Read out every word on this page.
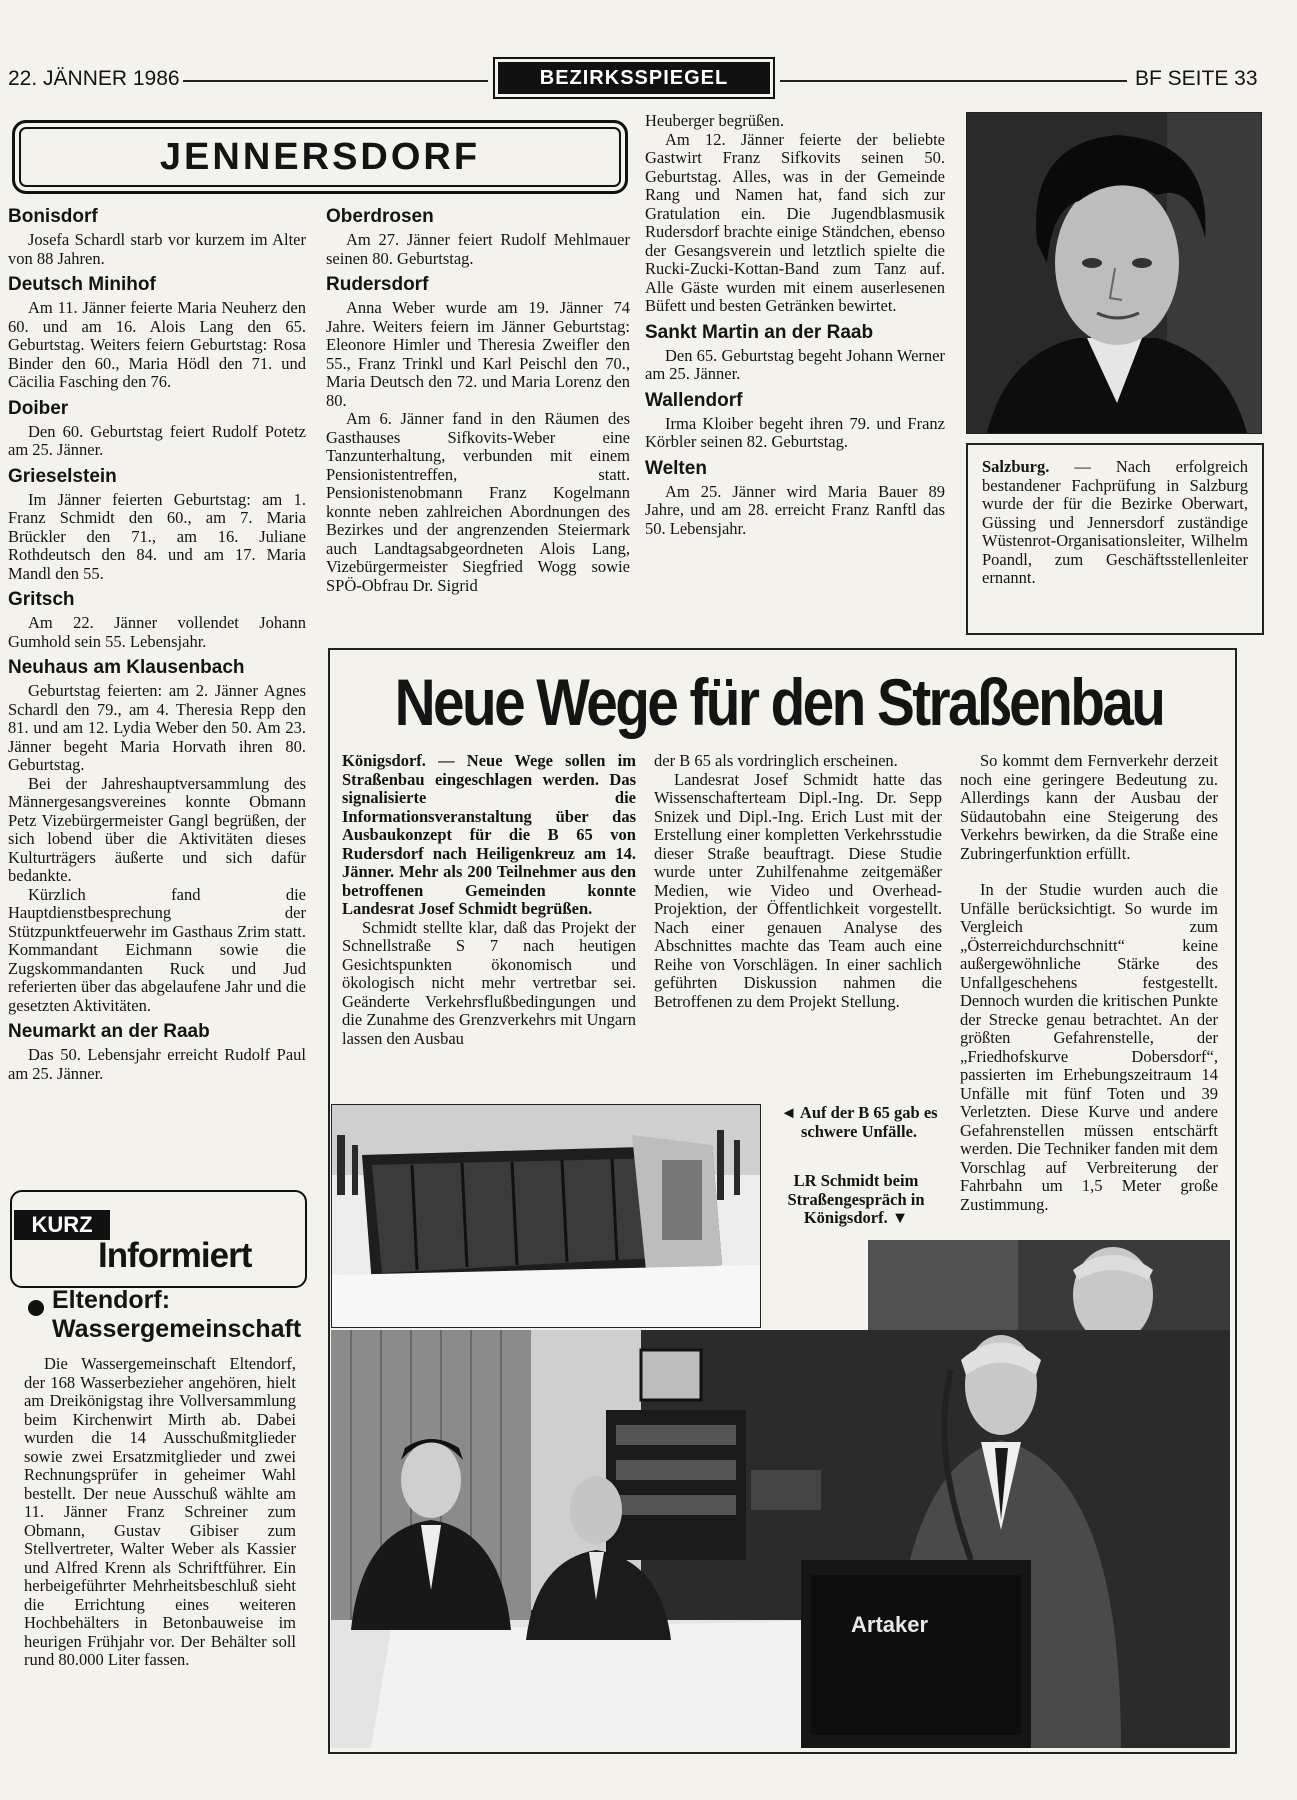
22. JÄNNER 1986	BEZIRKSSPIEGEL	BF SEITE 33
JENNERSDORF
Bonisdorf

Josefa Schardl starb vor kurzem im Alter von 88 Jahren.

Deutsch Minihof

Am 11. Jänner feierte Maria Neuherz den 60. und am 16. Alois Lang den 65. Geburtstag. Weiters feiern Geburtstag: Rosa Binder den 60., Maria Hödl den 71. und Cäcilia Fasching den 76.

Doiber

Den 60. Geburtstag feiert Rudolf Potetz am 25. Jänner.

Grieselstein

Im Jänner feierten Geburtstag: am 1. Franz Schmidt den 60., am 7. Maria Brückler den 71., am 16. Juliane Rothdeutsch den 84. und am 17. Maria Mandl den 55.

Gritsch

Am 22. Jänner vollendet Johann Gumhold sein 55. Lebensjahr.

Neuhaus am Klausenbach

Geburtstag feierten: am 2. Jänner Agnes Schardl den 79., am 4. Theresia Repp den 81. und am 12. Lydia Weber den 50. Am 23. Jänner begeht Maria Horvath ihren 80. Geburtstag.

Bei der Jahreshauptversammlung des Männergesangsvereines konnte Obmann Petz Vizebürgermeister Gangl begrüßen, der sich lobend über die Aktivitäten dieses Kulturträgers äußerte und sich dafür bedankte.

Kürzlich fand die Hauptdienstbesprechung der Stützpunktfeuerwehr im Gasthaus Zrim statt. Kommandant Eichmann sowie die Zugskommandanten Ruck und Jud referierten über das abgelaufene Jahr und die gesetzten Aktivitäten.

Neumarkt an der Raab

Das 50. Lebensjahr erreicht Rudolf Paul am 25. Jänner.

Oberdrosen

Am 27. Jänner feiert Rudolf Mehlmauer seinen 80. Geburtstag.

Rudersdorf

Anna Weber wurde am 19. Jänner 74 Jahre. Weiters feiern im Jänner Geburtstag: Eleonore Himler und Theresia Zweifler den 55., Franz Trinkl und Karl Peischl den 70., Maria Deutsch den 72. und Maria Lorenz den 80.

Am 6. Jänner fand in den Räumen des Gasthauses Sifkovits-Weber eine Tanzunterhaltung, verbunden mit einem Pensionistentreffen, statt. Pensionistenobmann Franz Kogelmann konnte neben zahlreichen Abordnungen des Bezirkes und der angrenzenden Steiermark auch Landtagsabgeordneten Alois Lang, Vizebürgermeister Siegfried Wogg sowie SPÖ-Obfrau Dr. Sigrid

Heuberger begrüßen.

Am 12. Jänner feierte der beliebte Gastwirt Franz Sifkovits seinen 50. Geburtstag. Alles, was in der Gemeinde Rang und Namen hat, fand sich zur Gratulation ein. Die Jugendblasmusik Rudersdorf brachte einige Ständchen, ebenso der Gesangsverein und letztlich spielte die Rucki-Zucki-Kottan-Band zum Tanz auf. Alle Gäste wurden mit einem auserlesenen Büfett und besten Getränken bewirtet.

Sankt Martin an der Raab

Den 65. Geburtstag begeht Johann Werner am 25. Jänner.

Wallendorf

Irma Kloiber begeht ihren 79. und Franz Körbler seinen 82. Geburtstag.

Welten

Am 25. Jänner wird Maria Bauer 89 Jahre, und am 28. erreicht Franz Ranftl das 50. Lebensjahr.

Salzburg. — Nach erfolgreich bestandener Fachprüfung in Salzburg wurde der für die Bezirke Oberwart, Güssing und Jennersdorf zuständige Wüstenrot-Organisationsleiter, Wilhelm Poandl, zum Geschäftsstellenleiter ernannt.
KURZ
Informiert
Eltendorf: Wassergemeinschaft
Die Wassergemeinschaft Eltendorf, der 168 Wasserbezieher angehören, hielt am Dreikönigstag ihre Vollversammlung beim Kirchenwirt Mirth ab. Dabei wurden die 14 Ausschußmitglieder sowie zwei Ersatzmitglieder und zwei Rechnungsprüfer in geheimer Wahl bestellt. Der neue Ausschuß wählte am 11. Jänner Franz Schreiner zum Obmann, Gustav Gibiser zum Stellvertreter, Walter Weber als Kassier und Alfred Krenn als Schriftführer. Ein herbeigeführter Mehrheitsbeschluß sieht die Errichtung eines weiteren Hochbehälters in Betonbauweise im heurigen Frühjahr vor. Der Behälter soll rund 80.000 Liter fassen.
Neue Wege für den Straßenbau

Königsdorf. — Neue Wege sollen im Straßenbau eingeschlagen werden. Das signalisierte die Informationsveranstaltung über das Ausbaukonzept für die B 65 von Rudersdorf nach Heiligenkreuz am 14. Jänner. Mehr als 200 Teilnehmer aus den betroffenen Gemeinden konnte Landesrat Josef Schmidt begrüßen.

Schmidt stellte klar, daß das Projekt der Schnellstraße S 7 nach heutigen Gesichtspunkten ökonomisch und ökologisch nicht mehr vertretbar sei. Geänderte Verkehrsflußbedingungen und die Zunahme des Grenzverkehrs mit Ungarn lassen den Ausbau

der B 65 als vordringlich erscheinen.

Landesrat Josef Schmidt hatte das Wissenschafterteam Dipl.-Ing. Dr. Sepp Snizek und Dipl.-Ing. Erich Lust mit der Erstellung einer kompletten Verkehrsstudie dieser Straße beauftragt. Diese Studie wurde unter Zuhilfenahme zeitgemäßer Medien, wie Video und Overhead-Projektion, der Öffentlichkeit vorgestellt. Nach einer genauen Analyse des Abschnittes machte das Team auch eine Reihe von Vorschlägen. In einer sachlich geführten Diskussion nahmen die Betroffenen zu dem Projekt Stellung.

So kommt dem Fernverkehr derzeit noch eine geringere Bedeutung zu. Allerdings kann der Ausbau der Südautobahn eine Steigerung des Verkehrs bewirken, da die Straße eine Zubringerfunktion erfüllt.

In der Studie wurden auch die Unfälle berücksichtigt. So wurde im Vergleich zum „Österreichdurchschnitt“ keine außergewöhnliche Stärke des Unfallgeschehens festgestellt. Dennoch wurden die kritischen Punkte der Strecke genau betrachtet. An der größten Gefahrenstelle, der „Friedhofskurve Dobersdorf“, passierten im Erhebungszeitraum 14 Unfälle mit fünf Toten und 39 Verletzten. Diese Kurve und andere Gefahrenstellen müssen entschärft werden. Die Techniker fanden mit dem Vorschlag auf Verbreiterung der Fahrbahn um 1,5 Meter große Zustimmung.

◄ Auf der B 65 gab es schwere Unfälle.
LR Schmidt beim Straßengespräch in Königsdorf. ▼
Artaker
